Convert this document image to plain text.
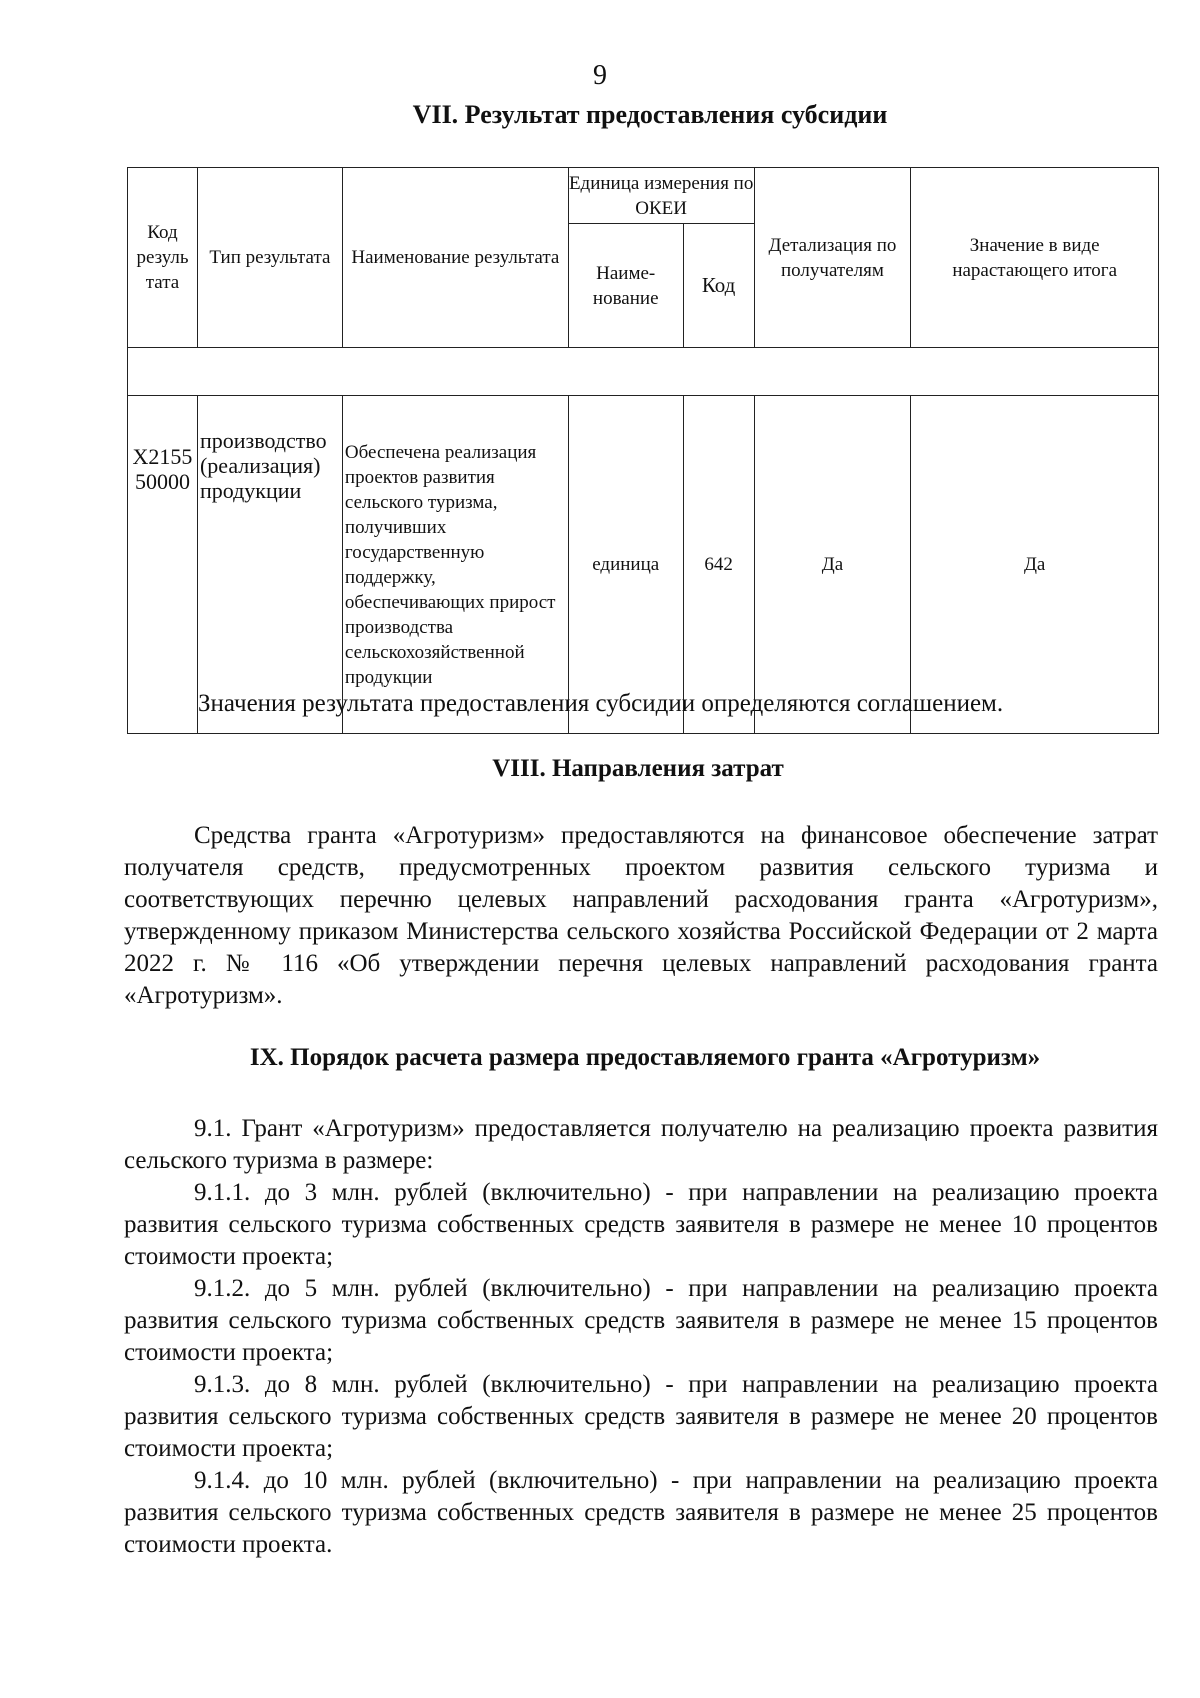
9
VII. Результат предоставления субсидии
Код резуль тата	Тип результата	Наименование результата	Единица измерения по ОКЕИ		Детализация по получателям	Значение в виде нарастающего итога
			Наиме- нование	Код		

Х2155 50000	производство (реализация) продукции	Обеспечена реализация проектов развития сельского туризма, получивших государственную поддержку, обеспечивающих прирост производства сельскохозяйственной продукции	единица	642	Да	Да
Значения результата предоставления субсидии определяются соглашением.
VIII. Направления затрат

Средства гранта «Агротуризм» предоставляются на финансовое обеспечение затрат получателя средств, предусмотренных проектом развития сельского туризма и соответствующих перечню целевых направлений расходования гранта «Агротуризм», утвержденному приказом Министерства сельского хозяйства Российской Федерации от 2 марта 2022 г. № 116 «Об утверждении перечня целевых направлений расходования гранта «Агротуризм».

IX. Порядок расчета размера предоставляемого гранта «Агротуризм»

9.1. Грант «Агротуризм» предоставляется получателю на реализацию проекта развития сельского туризма в размере:

9.1.1. до 3 млн. рублей (включительно) - при направлении на реализацию проекта развития сельского туризма собственных средств заявителя в размере не менее 10 процентов стоимости проекта;

9.1.2. до 5 млн. рублей (включительно) - при направлении на реализацию проекта развития сельского туризма собственных средств заявителя в размере не менее 15 процентов стоимости проекта;

9.1.3. до 8 млн. рублей (включительно) - при направлении на реализацию проекта развития сельского туризма собственных средств заявителя в размере не менее 20 процентов стоимости проекта;

9.1.4. до 10 млн. рублей (включительно) - при направлении на реализацию проекта развития сельского туризма собственных средств заявителя в размере не менее 25 процентов стоимости проекта.
